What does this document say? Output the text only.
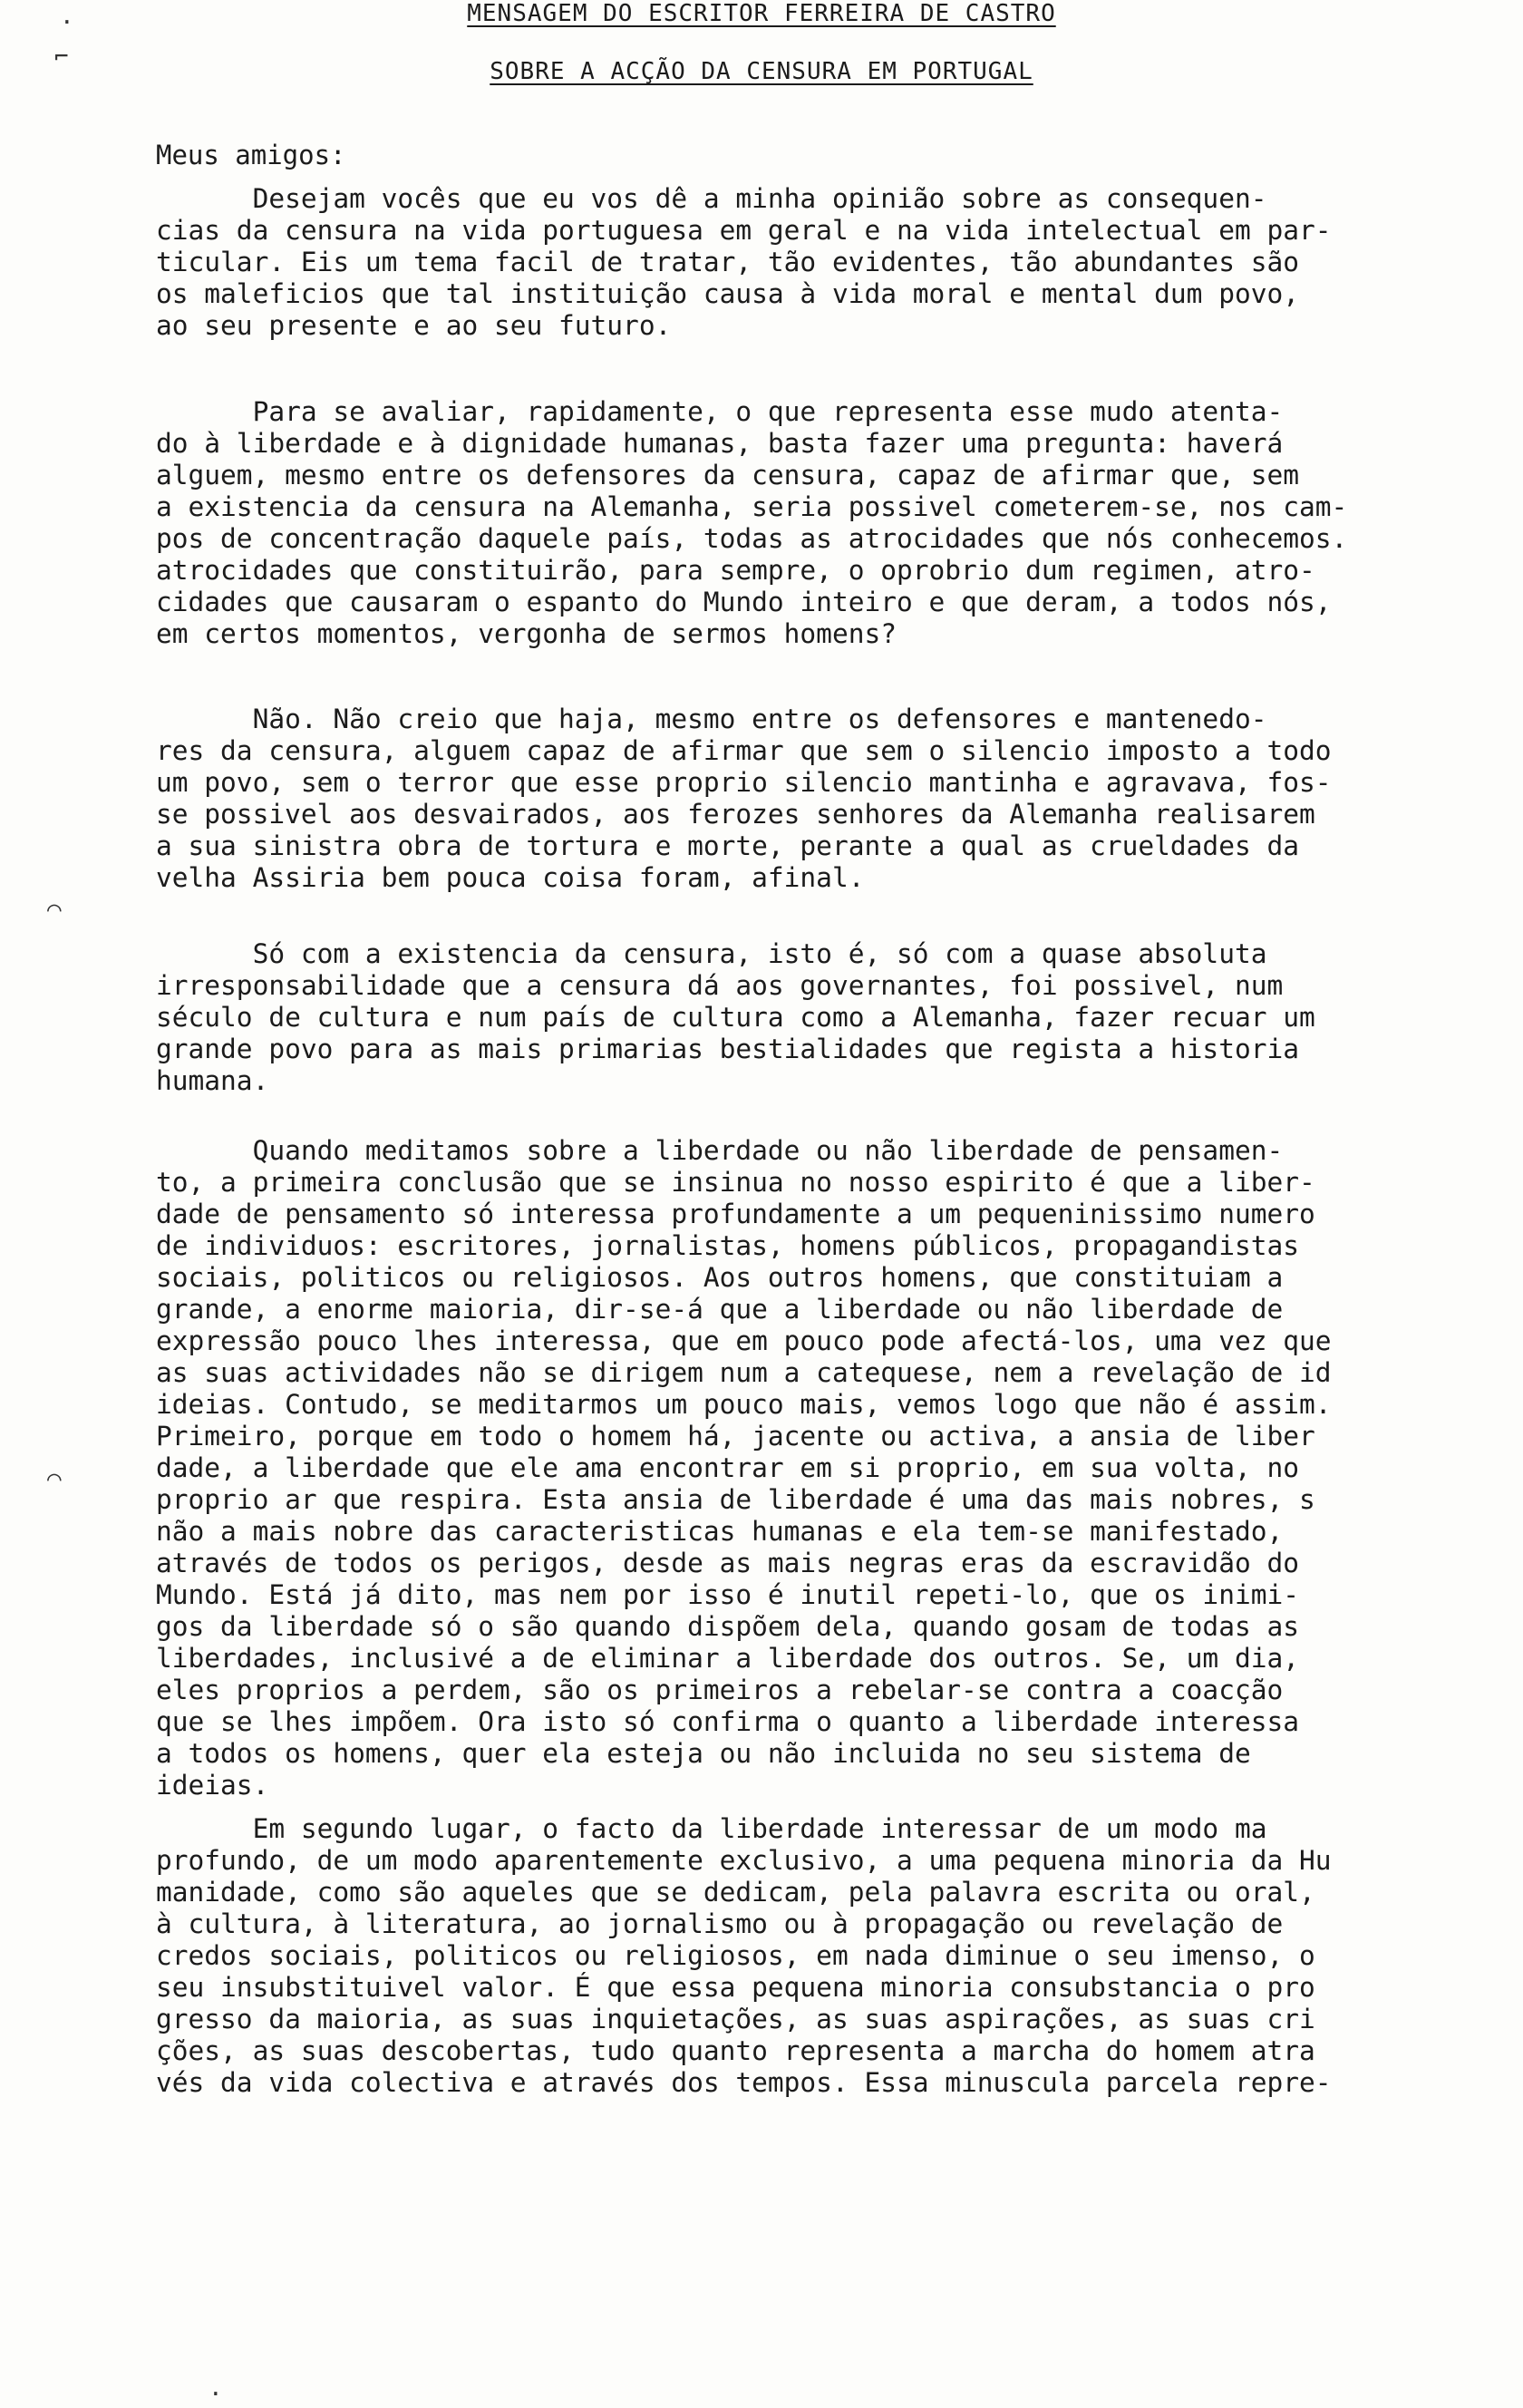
·
⌐
⌒
⌒
·
MENSAGEM DO ESCRITOR FERREIRA DE CASTRO
SOBRE A ACÇÃO DA CENSURA EM PORTUGAL
Meus amigos:
Desejam vocês que eu vos dê a minha opinião sobre as consequen-
cias da censura na vida portuguesa em geral e na vida intelectual em par-
ticular. Eis um tema facil de tratar, tão evidentes, tão abundantes são
os maleficios que tal instituição causa à vida moral e mental dum povo,
ao seu presente e ao seu futuro.
Para se avaliar, rapidamente, o que representa esse mudo atenta-
do à liberdade e à dignidade humanas, basta fazer uma pregunta: haverá
alguem, mesmo entre os defensores da censura, capaz de afirmar que, sem
a existencia da censura na Alemanha, seria possivel cometerem-se, nos cam-
pos de concentração daquele país, todas as atrocidades que nós conhecemos.
atrocidades que constituirão, para sempre, o oprobrio dum regimen, atro-
cidades que causaram o espanto do Mundo inteiro e que deram, a todos nós,
em certos momentos, vergonha de sermos homens?
Não. Não creio que haja, mesmo entre os defensores e mantenedo-
res da censura, alguem capaz de afirmar que sem o silencio imposto a todo
um povo, sem o terror que esse proprio silencio mantinha e agravava, fos-
se possivel aos desvairados, aos ferozes senhores da Alemanha realisarem
a sua sinistra obra de tortura e morte, perante a qual as crueldades da
velha Assiria bem pouca coisa foram, afinal.
Só com a existencia da censura, isto é, só com a quase absoluta
irresponsabilidade que a censura dá aos governantes, foi possivel, num
século de cultura e num país de cultura como a Alemanha, fazer recuar um
grande povo para as mais primarias bestialidades que regista a historia
humana.
Quando meditamos sobre a liberdade ou não liberdade de pensamen-
to, a primeira conclusão que se insinua no nosso espirito é que a liber-
dade de pensamento só interessa profundamente a um pequeninissimo numero
de individuos: escritores, jornalistas, homens públicos, propagandistas
sociais, politicos ou religiosos. Aos outros homens, que constituiam a
grande, a enorme maioria, dir-se-á que a liberdade ou não liberdade de
expressão pouco lhes interessa, que em pouco pode afectá-los, uma vez que
as suas actividades não se dirigem num a catequese, nem a revelação de id
ideias. Contudo, se meditarmos um pouco mais, vemos logo que não é assim.
Primeiro, porque em todo o homem há, jacente ou activa, a ansia de liber
dade, a liberdade que ele ama encontrar em si proprio, em sua volta, no
proprio ar que respira. Esta ansia de liberdade é uma das mais nobres, s
não a mais nobre das caracteristicas humanas e ela tem-se manifestado,
através de todos os perigos, desde as mais negras eras da escravidão do
Mundo. Está já dito, mas nem por isso é inutil repeti-lo, que os inimi-
gos da liberdade só o são quando dispõem dela, quando gosam de todas as
liberdades, inclusivé a de eliminar a liberdade dos outros. Se, um dia,
eles proprios a perdem, são os primeiros a rebelar-se contra a coacção
que se lhes impõem. Ora isto só confirma o quanto a liberdade interessa
a todos os homens, quer ela esteja ou não incluida no seu sistema de
ideias.
Em segundo lugar, o facto da liberdade interessar de um modo ma
profundo, de um modo aparentemente exclusivo, a uma pequena minoria da Hu
manidade, como são aqueles que se dedicam, pela palavra escrita ou oral,
à cultura, à literatura, ao jornalismo ou à propagação ou revelação de
credos sociais, politicos ou religiosos, em nada diminue o seu imenso, o
seu insubstituivel valor. É que essa pequena minoria consubstancia o pro
gresso da maioria, as suas inquietações, as suas aspirações, as suas cri
ções, as suas descobertas, tudo quanto representa a marcha do homem atra
vés da vida colectiva e através dos tempos. Essa minuscula parcela repre-
